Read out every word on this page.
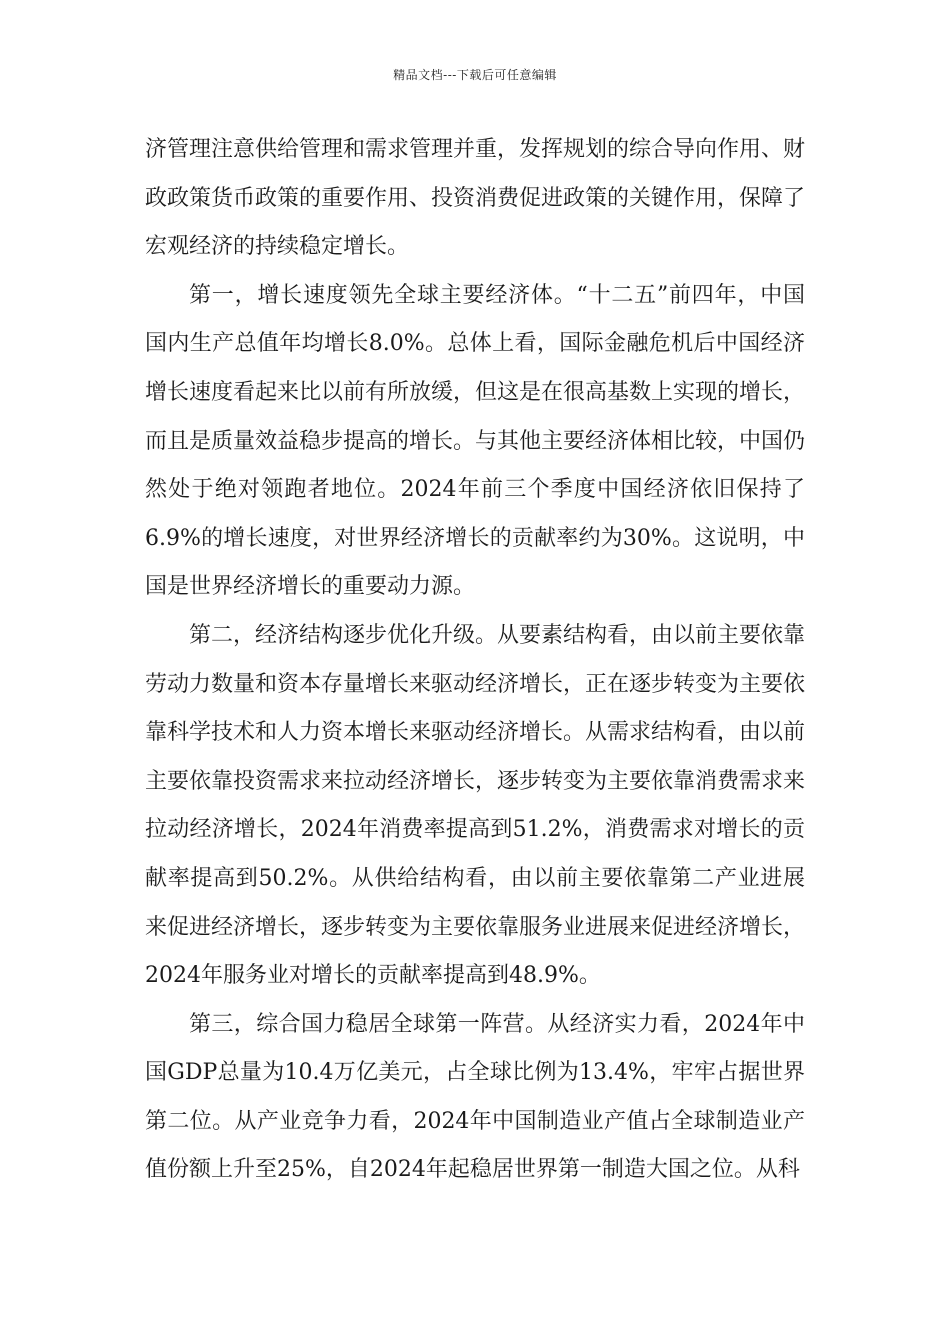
精品文档---下载后可任意编辑

济管理注意供给管理和需求管理并重，发挥规划的综合导向作用、财政政策货币政策的重要作用、投资消费促进政策的关键作用，保障了宏观经济的持续稳定增长。

第一，增长速度领先全球主要经济体。“十二五”前四年，中国国内生产总值年均增长8.0%。总体上看，国际金融危机后中国经济增长速度看起来比以前有所放缓，但这是在很高基数上实现的增长，而且是质量效益稳步提高的增长。与其他主要经济体相比较，中国仍然处于绝对领跑者地位。2024年前三个季度中国经济依旧保持了6.9%的增长速度，对世界经济增长的贡献率约为30%。这说明，中国是世界经济增长的重要动力源。

第二，经济结构逐步优化升级。从要素结构看，由以前主要依靠劳动力数量和资本存量增长来驱动经济增长，正在逐步转变为主要依靠科学技术和人力资本增长来驱动经济增长。从需求结构看，由以前主要依靠投资需求来拉动经济增长，逐步转变为主要依靠消费需求来拉动经济增长，2024年消费率提高到51.2%，消费需求对增长的贡献率提高到50.2%。从供给结构看，由以前主要依靠第二产业进展来促进经济增长，逐步转变为主要依靠服务业进展来促进经济增长，2024年服务业对增长的贡献率提高到48.9%。

第三，综合国力稳居全球第一阵营。从经济实力看，2024年中国GDP总量为10.4万亿美元，占全球比例为13.4%，牢牢占据世界第二位。从产业竞争力看，2024年中国制造业产值占全球制造业产值份额上升至25%，自2024年起稳居世界第一制造大国之位。从科
